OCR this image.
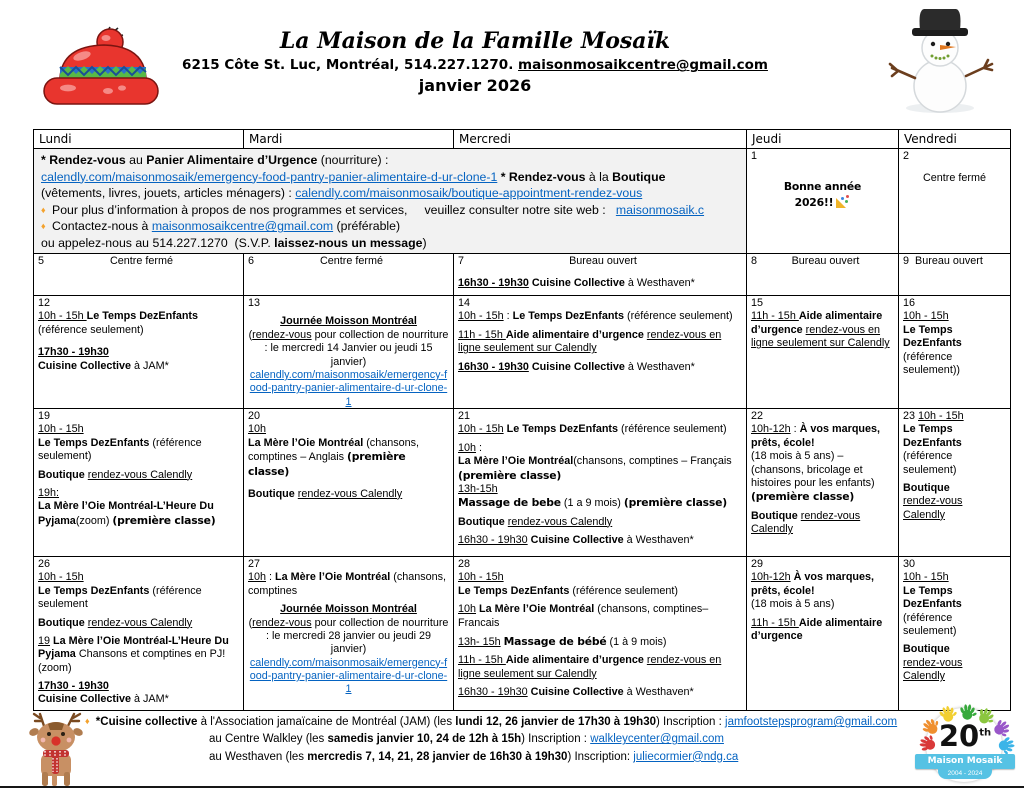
La Maison de la Famille Mosaïk
6215 Côte St. Luc, Montréal, 514.227.1270. maisonmosaikcentre@gmail.com
janvier 2026
Lundi	Mardi	Mercredi	Jeudi	Vendredi
* Rendez-vous au Panier Alimentaire d’Urgence (nourriture) :
calendly.com/maisonmosaik/emergency-food-pantry-panier-alimentaire-d-ur-clone-1 * Rendez-vous à la Boutique
(vêtements, livres, jouets, articles ménagers) : calendly.com/maisonmosaik/boutique-appointment-rendez-vous
♦ Pour plus d’information à propos de nos programmes et services,     veuillez consulter notre site web :   maisonmosaik.c
♦ Contactez-nous à maisonmosaikcentre@gmail.com (préférable)
ou appelez-nous au 514.227.1270  (S.V.P. laissez-nous un message)
1
Bonne année
2026!!
2
Centre fermé
5	Centre fermé	6	Centre fermé	7	Bureau ouvert
16h30 - 19h30 Cuisine Collective à Westhaven*
8	Bureau ouvert	9  Bureau ouvert
12
10h - 15h Le Temps DezEnfants
(référence seulement)
17h30 - 19h30
Cuisine Collective à JAM*
13
Journée Moisson Montréal
(rendez-vous pour collection de nourriture : le mercredi 14 Janvier ou jeudi 15 janvier)
calendly.com/maisonmosaik/emergency-food-pantry-panier-alimentaire-d-ur-clone-1
14
10h - 15h : Le Temps DezEnfants (référence seulement)
11h - 15h Aide alimentaire d’urgence rendez-vous en ligne seulement sur Calendly
16h30 - 19h30 Cuisine Collective à Westhaven*
15
11h - 15h Aide alimentaire d’urgence rendez-vous en ligne seulement sur Calendly
16
10h - 15h
Le Temps DezEnfants
(référence seulement))
19
10h - 15h
Le Temps DezEnfants (référence seulement)
Boutique rendez-vous Calendly
19h:
La Mère l’Oie Montréal-L’Heure Du Pyjama(zoom) (première classe)
20
10h
La Mère l’Oie Montréal (chansons, comptines – Anglais (première classe)
Boutique rendez-vous Calendly
21
10h - 15h Le Temps DezEnfants (référence seulement)
10h :
La Mère l’Oie Montréal(chansons, comptines – Français
(première classe)
13h-15h
Massage de bebe (1 a 9 mois) (première classe)
Boutique rendez-vous Calendly
16h30 - 19h30 Cuisine Collective à Westhaven*
22
10h-12h : À vos marques, prêts, école!
(18 mois à 5 ans) –
(chansons, bricolage et histoires pour les enfants)
(première classe)
Boutique rendez-vous Calendly
23 10h - 15h
Le Temps DezEnfants
(référence seulement)
Boutique
rendez-vous Calendly
26
10h - 15h
Le Temps DezEnfants (référence seulement
Boutique rendez-vous Calendly
19 La Mère l’Oie Montréal-L’Heure Du Pyjama Chansons et comptines en PJ! (zoom)
17h30 - 19h30
Cuisine Collective à JAM*
27
10h : La Mère l’Oie Montréal (chansons, comptines
Journée Moisson Montréal
(rendez-vous pour collection de nourriture : le mercredi 28 janvier ou jeudi 29 janvier)
calendly.com/maisonmosaik/emergency-food-pantry-panier-alimentaire-d-ur-clone-1
28
10h - 15h
Le Temps DezEnfants (référence seulement)
10h La Mère l’Oie Montréal (chansons, comptines– Francais
13h- 15h Massage de bébé (1 à 9 mois)
11h - 15h Aide alimentaire d’urgence rendez-vous en ligne seulement sur Calendly
16h30 - 19h30 Cuisine Collective à Westhaven*
29
10h-12h À vos marques, prêts, école!
(18 mois à 5 ans)
11h - 15h Aide alimentaire d’urgence
30
10h - 15h
Le Temps DezEnfants
(référence seulement)
Boutique
rendez-vous Calendly
♦ *Cuisine collective à l'Association jamaïcaine de Montréal (JAM) (les lundi 12, 26 janvier de 17h30 à 19h30) Inscription : jamfootstepsprogram@gmail.com
au Centre Walkley (les samedis janvier 10, 24 de 12h à 15h) Inscription : walkleycenter@gmail.com
au Westhaven (les mercredis 7, 14, 21, 28 janvier de 16h30 à 19h30) Inscription: juliecormier@ndg.ca
20th
Maison Mosaik
2004 - 2024
